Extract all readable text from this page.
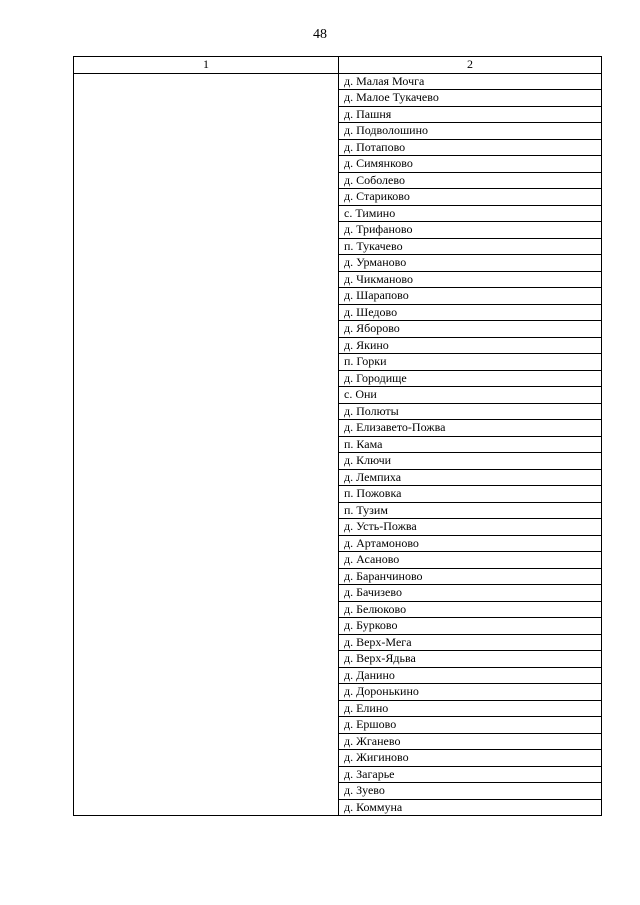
48
1	2
	д. Малая Мочга
	д. Малое Тукачево
	д. Пашня
	д. Подволошино
	д. Потапово
	д. Симянково
	д. Соболево
	д. Стариково
	с. Тимино
	д. Трифаново
	п. Тукачево
	д. Урманово
	д. Чикманово
	д. Шарапово
	д. Шедово
	д. Яборово
	д. Якино
	п. Горки
	д. Городище
	с. Они
	д. Полюты
	д. Елизавето-Пожва
	п. Кама
	д. Ключи
	д. Лемпиха
	п. Пожовка
	п. Тузим
	д. Усть-Пожва
	д. Артамоново
	д. Асаново
	д. Баранчиново
	д. Бачизево
	д. Белюково
	д. Бурково
	д. Верх-Мега
	д. Верх-Ядьва
	д. Данино
	д. Доронькино
	д. Елино
	д. Ершово
	д. Жганево
	д. Жигиново
	д. Загарье
	д. Зуево
	д. Коммуна
